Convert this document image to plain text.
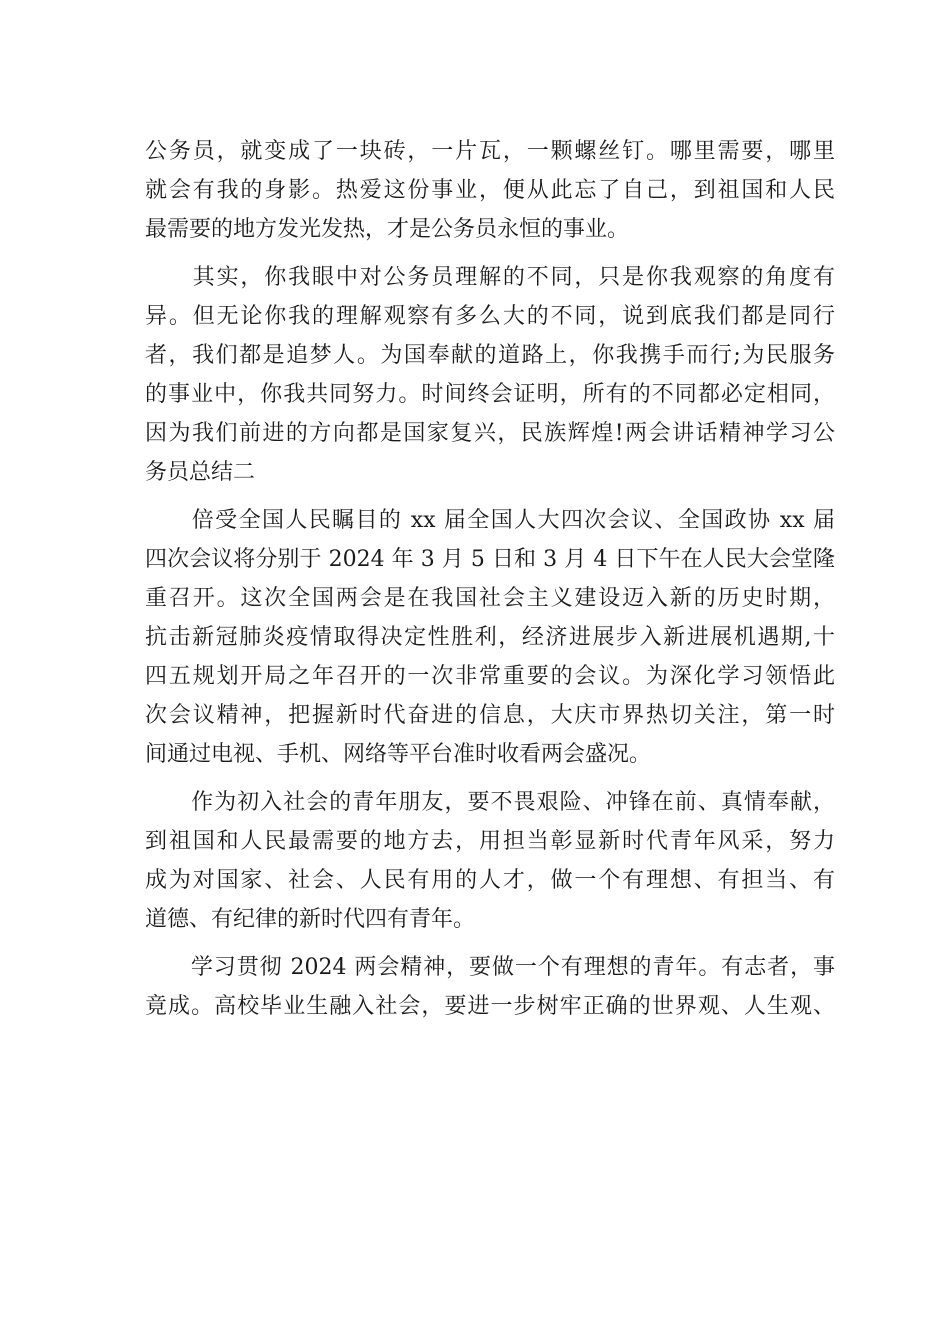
公务员，就变成了一块砖，一片瓦，一颗螺丝钉。哪里需要，哪里
就会有我的身影。热爱这份事业，便从此忘了自己，到祖国和人民
最需要的地方发光发热，才是公务员永恒的事业。
　　其实，你我眼中对公务员理解的不同，只是你我观察的角度有
异。但无论你我的理解观察有多么大的不同，说到底我们都是同行
者，我们都是追梦人。为国奉献的道路上，你我携手而行;为民服务
的事业中，你我共同努力。时间终会证明，所有的不同都必定相同，
因为我们前进的方向都是国家复兴，民族辉煌!两会讲话精神学习公
务员总结二
　　倍受全国人民瞩目的 xx 届全国人大四次会议、全国政协 xx 届
四次会议将分别于 2024 年 3 月 5 日和 3 月 4 日下午在人民大会堂隆
重召开。这次全国两会是在我国社会主义建设迈入新的历史时期，
抗击新冠肺炎疫情取得决定性胜利，经济进展步入新进展机遇期,十
四五规划开局之年召开的一次非常重要的会议。为深化学习领悟此
次会议精神，把握新时代奋进的信息，大庆市界热切关注，第一时
间通过电视、手机、网络等平台准时收看两会盛况。
　　作为初入社会的青年朋友，要不畏艰险、冲锋在前、真情奉献，
到祖国和人民最需要的地方去，用担当彰显新时代青年风采，努力
成为对国家、社会、人民有用的人才，做一个有理想、有担当、有
道德、有纪律的新时代四有青年。
　　学习贯彻 2024 两会精神，要做一个有理想的青年。有志者，事
竟成。高校毕业生融入社会，要进一步树牢正确的世界观、人生观、
